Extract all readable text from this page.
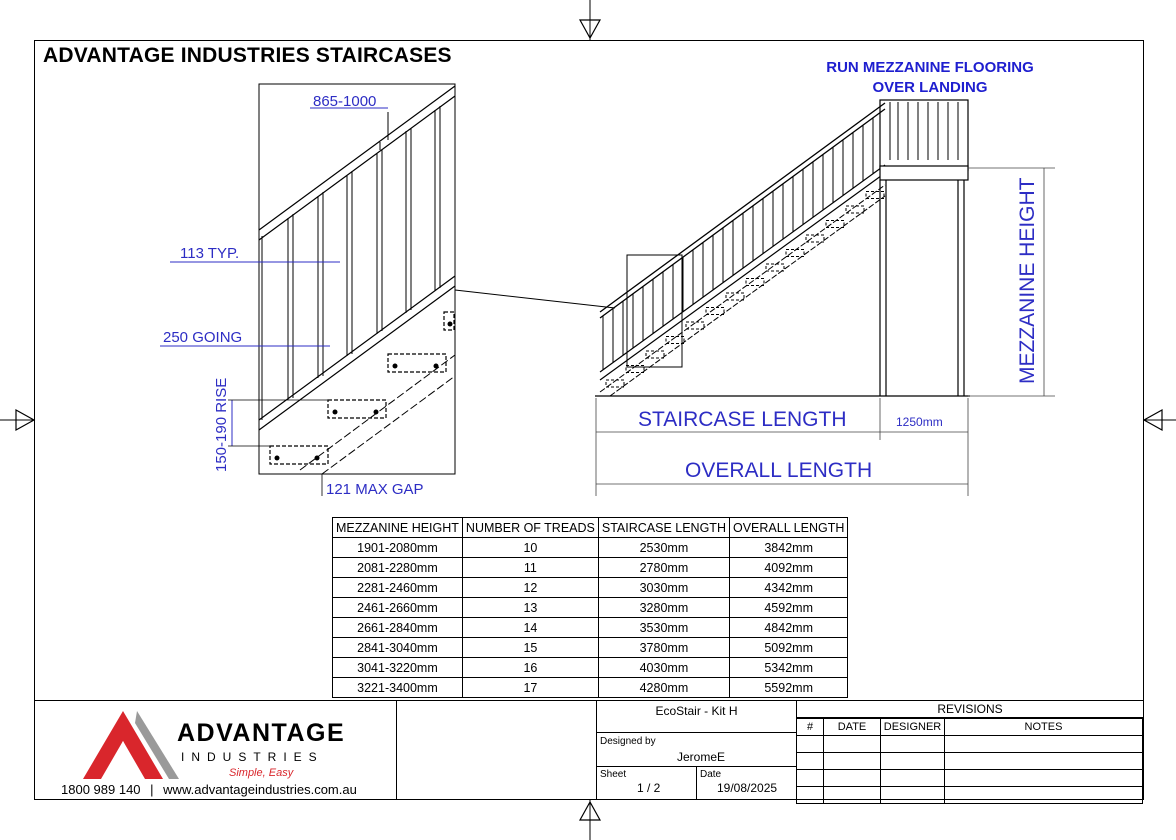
ADVANTAGE INDUSTRIES STAIRCASES
RUN MEZZANINE FLOORING
OVER LANDING
865-1000
113 TYP.
250 GOING
150-190 RISE
121 MAX GAP
STAIRCASE LENGTH	1250mm
OVERALL LENGTH
MEZZANINE HEIGHT
MEZZANINE HEIGHT	NUMBER OF TREADS	STAIRCASE LENGTH	OVERALL LENGTH
1901-2080mm	10	2530mm	3842mm
2081-2280mm	11	2780mm	4092mm
2281-2460mm	12	3030mm	4342mm
2461-2660mm	13	3280mm	4592mm
2661-2840mm	14	3530mm	4842mm
2841-3040mm	15	3780mm	5092mm
3041-3220mm	16	4030mm	5342mm
3221-3400mm	17	4280mm	5592mm
ADVANTAGE
INDUSTRIES
Simple, Easy
1800 989 140 | www.advantageindustries.com.au
EcoStair - Kit H
Designed by
JeromeE
Sheet
1 / 2
Date
19/08/2025
REVISIONS
#	DATE	DESIGNER	NOTES
